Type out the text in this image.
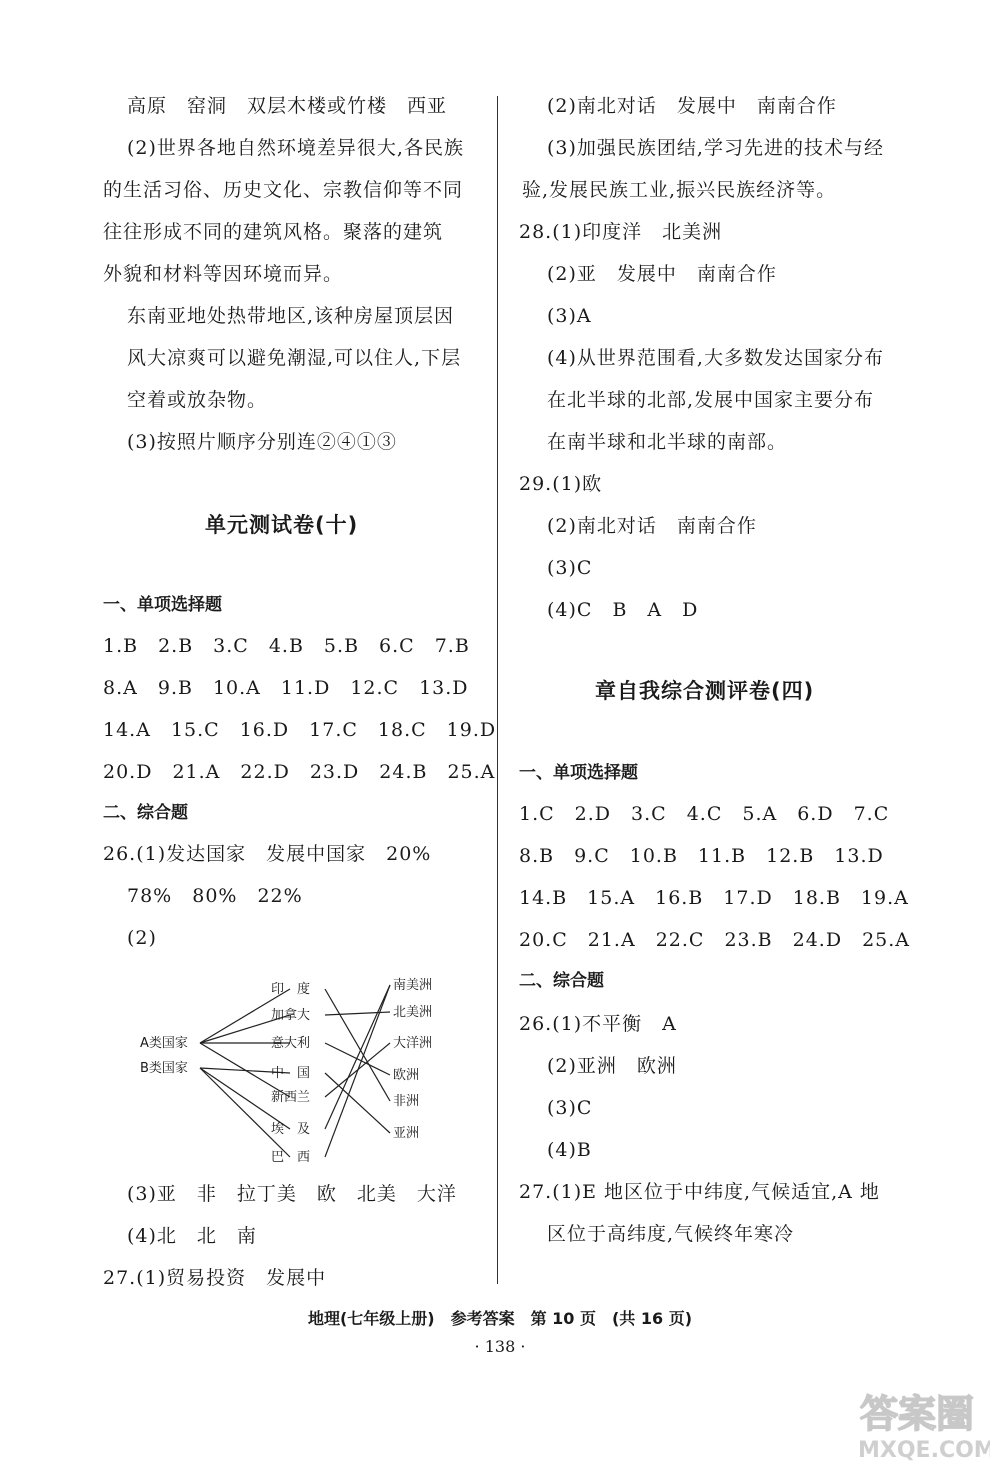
高原　窑洞　双层木楼或竹楼　西亚
(2)世界各地自然环境差异很大,各民族
的生活习俗、历史文化、宗教信仰等不同
往往形成不同的建筑风格。聚落的建筑
外貌和材料等因环境而异。
东南亚地处热带地区,该种房屋顶层因
风大凉爽可以避免潮湿,可以住人,下层
空着或放杂物。
(3)按照片顺序分别连②④①③
单元测试卷(十)
一、单项选择题
1.B　2.B　3.C　4.B　5.B　6.C　7.B
8.A　9.B　10.A　11.D　12.C　13.D
14.A　15.C　16.D　17.C　18.C　19.D
20.D　21.A　22.D　23.D　24.B　25.A
二、综合题
26.(1)发达国家　发展中国家　20%
78%　80%　22%
(2)
A类国家
B类国家
印　度
加拿大
意大利
中　国
新西兰
埃　及
巴　西
南美洲
北美洲
大洋洲
欧洲
非洲
亚洲
(3)亚　非　拉丁美　欧　北美　大洋
(4)北　北　南
27.(1)贸易投资　发展中
(2)南北对话　发展中　南南合作
(3)加强民族团结,学习先进的技术与经
验,发展民族工业,振兴民族经济等。
28.(1)印度洋　北美洲
(2)亚　发展中　南南合作
(3)A
(4)从世界范围看,大多数发达国家分布
在北半球的北部,发展中国家主要分布
在南半球和北半球的南部。
29.(1)欧
(2)南北对话　南南合作
(3)C
(4)C　B　A　D
章自我综合测评卷(四)
一、单项选择题
1.C　2.D　3.C　4.C　5.A　6.D　7.C
8.B　9.C　10.B　11.B　12.B　13.D
14.B　15.A　16.B　17.D　18.B　19.A
20.C　21.A　22.C　23.B　24.D　25.A
二、综合题
26.(1)不平衡　A
(2)亚洲　欧洲
(3)C
(4)B
27.(1)E 地区位于中纬度,气候适宜,A 地
区位于高纬度,气候终年寒冷
地理(七年级上册)　参考答案　第 10 页　(共 16 页)
· 138 ·
答案圈
MXQE.COM
